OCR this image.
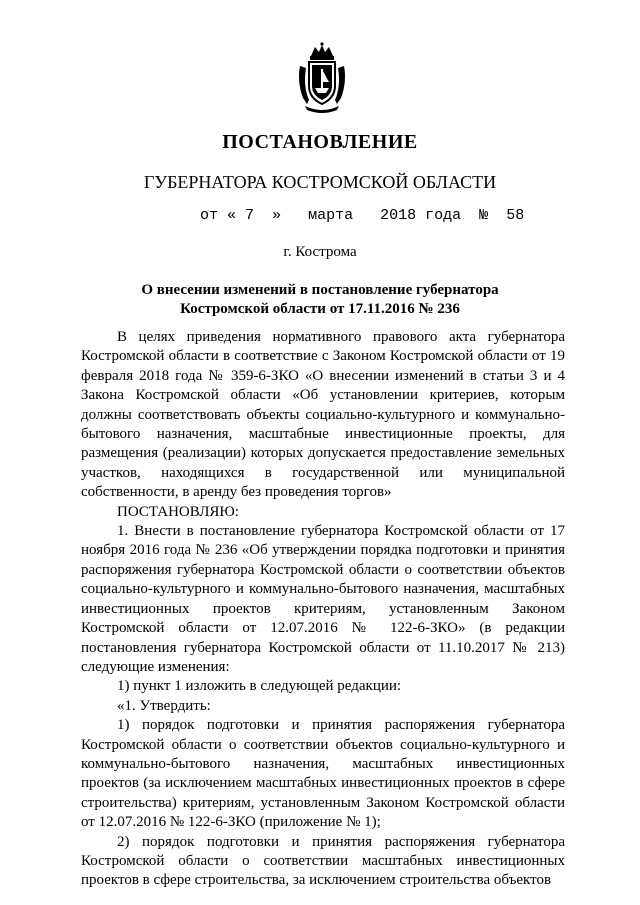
ПОСТАНОВЛЕНИЕ
ГУБЕРНАТОРА КОСТРОМСКОЙ ОБЛАСТИ
от « 7 » марта 2018 года № 58
г. Кострома
О внесении изменений в постановление губернатора
Костромской области от 17.11.2016 № 236

В целях приведения нормативного правового акта губернатора Костромской области в соответствие с Законом Костромской области от 19 февраля 2018 года № 359-6-ЗКО «О внесении изменений в статьи 3 и 4 Закона Костромской области «Об установлении критериев, которым должны соответствовать объекты социально-культурного и коммунально-бытового назначения, масштабные инвестиционные проекты, для размещения (реализации) которых допускается предоставление земельных участков, находящихся в государственной или муниципальной собственности, в аренду без проведения торгов»

ПОСТАНОВЛЯЮ:

1. Внести в постановление губернатора Костромской области от 17 ноября 2016 года № 236 «Об утверждении порядка подготовки и принятия распоряжения губернатора Костромской области о соответствии объектов социально-культурного и коммунально-бытового назначения, масштабных инвестиционных проектов критериям, установленным Законом Костромской области от 12.07.2016 № 122-6-ЗКО» (в редакции постановления губернатора Костромской области от 11.10.2017 № 213) следующие изменения:

1) пункт 1 изложить в следующей редакции:

«1. Утвердить:

1) порядок подготовки и принятия распоряжения губернатора Костромской области о соответствии объектов социально-культурного и коммунально-бытового назначения, масштабных инвестиционных проектов (за исключением масштабных инвестиционных проектов в сфере строительства) критериям, установленным Законом Костромской области от 12.07.2016 № 122-6-ЗКО (приложение № 1);

2) порядок подготовки и принятия распоряжения губернатора Костромской области о соответствии масштабных инвестиционных проектов в сфере строительства, за исключением строительства объектов
